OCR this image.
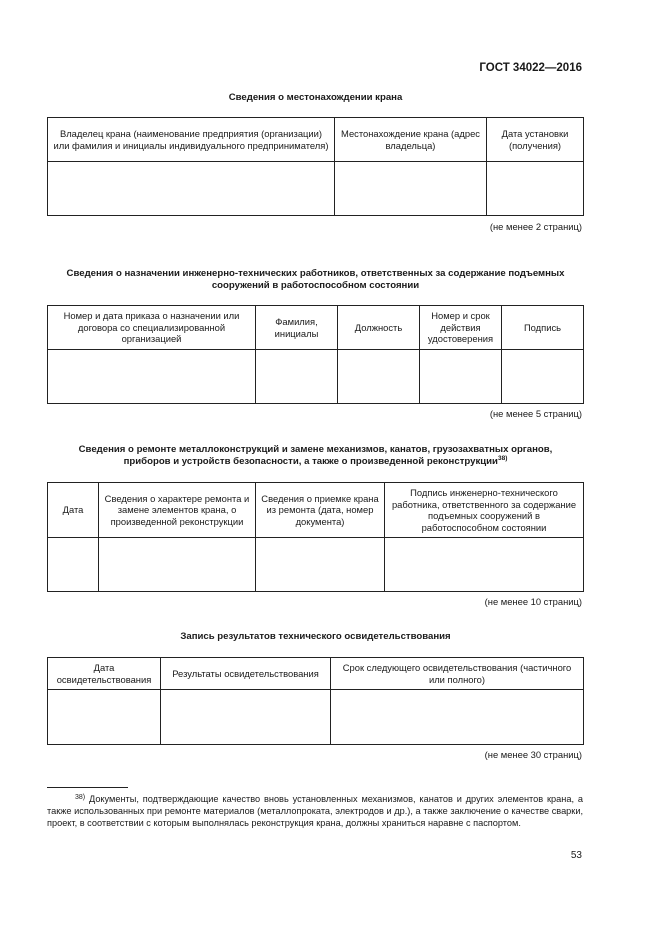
ГОСТ 34022—2016
Сведения о местонахождении крана
Владелец крана (наименование предприятия (организации) или фамилия и инициалы индивидуального предпринимателя)	Местонахождение крана (адрес владельца)	Дата установки (получения)

(не менее 2 страниц)
Сведения о назначении инженерно-технических работников, ответственных за содержание подъемных
сооружений в работоспособном состоянии
Номер и дата приказа о назначении или договора со специализированной организацией	Фамилия, инициалы	Должность	Номер и срок действия удостоверения	Подпись

(не менее 5 страниц)
Сведения о ремонте металлоконструкций и замене механизмов, канатов, грузозахватных органов,
приборов и устройств безопасности, а также о произведенной реконструкции$^{38)}$
Дата	Сведения о характере ремонта и замене элементов крана, о произведенной реконструкции	Сведения о приемке крана из ремонта (дата, номер документа)	Подпись инженерно-технического работника, ответственного за содержание подъемных сооружений в работоспособном состоянии

(не менее 10 страниц)
Запись результатов технического освидетельствования
Дата освидетельствования	Результаты освидетельствования	Срок следующего освидетельствования (частичного или полного)

(не менее 30 страниц)
38) Документы, подтверждающие качество вновь установленных механизмов, канатов и других элементов крана, а также использованных при ремонте материалов (металлопроката, электродов и др.), а также заключение о качестве сварки, проект, в соответствии с которым выполнялась реконструкция крана, должны храниться наравне с паспортом.
53
